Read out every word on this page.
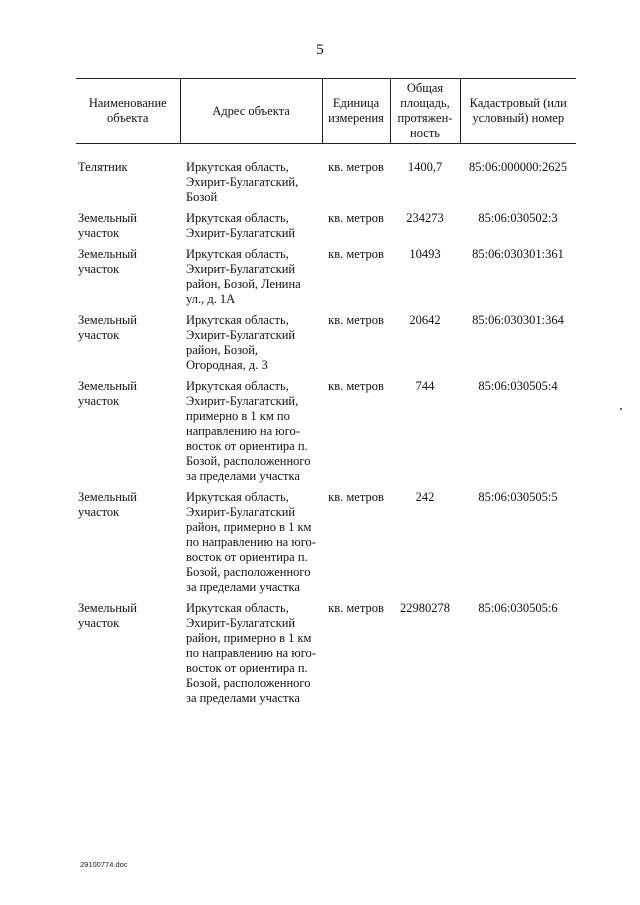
5
Наименование объекта	Адрес объекта	Единица измерения	Общая площадь, протяжен- ность	Кадастровый (или условный) номер
Телятник	Иркутская область, Эхирит-Булагатский, Бозой	кв. метров	1400,7	85:06:000000:2625
Земельный участок	Иркутская область, Эхирит-Булагатский	кв. метров	234273	85:06:030502:3
Земельный участок	Иркутская область, Эхирит-Булагатский район, Бозой, Ленина ул., д. 1А	кв. метров	10493	85:06:030301:361
Земельный участок	Иркутская область, Эхирит-Булагатский район, Бозой, Огородная, д. 3	кв. метров	20642	85:06:030301:364
Земельный участок	Иркутская область, Эхирит-Булагатский, примерно в 1 км по направлению на юго-восток от ориентира п. Бозой, расположенного за пределами участка	кв. метров	744	85:06:030505:4
Земельный участок	Иркутская область, Эхирит-Булагатский район, примерно в 1 км по направлению на юго-восток от ориентира п. Бозой, расположенного за пределами участка	кв. метров	242	85:06:030505:5
Земельный участок	Иркутская область, Эхирит-Булагатский район, примерно в 1 км по направлению на юго-восток от ориентира п. Бозой, расположенного за пределами участка	кв. метров	22980278	85:06:030505:6
29100774.doc
